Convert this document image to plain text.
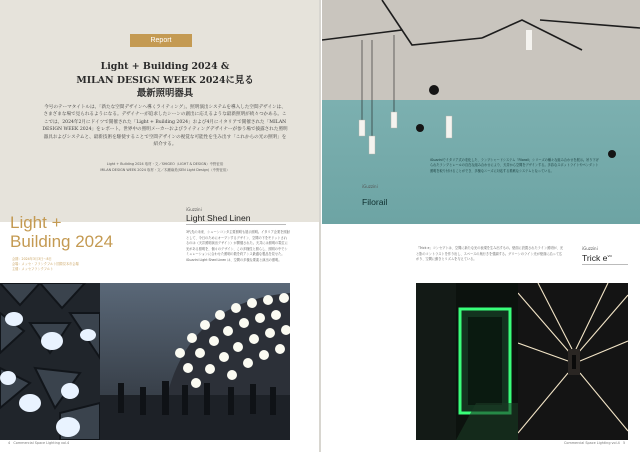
Report
Light + Building 2024 &
MILAN DESIGN WEEK 2024に見る
最新照明器具
今号のテーマタイトルは、「新たな空間デザインへ導くライティング」。照明演出システムを導入した空間デザインは、さまざまな場で見られるようになる。デザイナーが追求したシーンの創出に応えるような最新照明が続々つかある。ここでは、2024年2月にドイツで開催された「Light + Building 2024」および4月にイタリアで開催された「MILAN DESIGN WEEK 2024」をレポート。世界中の照明メーカーおよびライティングデザイナーが参う場で披露された照明器具およびシステムと、最新技術を駆使することで空間デザインの視覚な可能性を生み出す「これからの光の照明」を紹介する。
Light + Building 2024 取材・文／SHIGEO（LIGHT & DESIGN）中野征裕
MILAN DESIGN WEEK 2024 取材・文／木瀬麻美(SEN Light Design)（中野征裕）
Light +
Building 2024
会期：2024年3月3日〜8日
会場：メッセ・フランクフルト国際見本市会場
主催：メッセフランクフルト
iGuzzini
Light Shed Linen
3代先の未来、シューンコンタ主要照明も展示照明。イタリア企業を照射として、今日のためにオープンするデザイン、空間の下をモドットされるのは（天井照明演出デザイン）が開催された。天井には照明の電位に光がある照明を、個々のデザイン、この多様性と照らし、照明の中でシミュレーションに合わせた照明の数を約アンス最適な製品を見せた。iGuzzini Light Shed Linen は、空間の多様な要素と演出の照明。
4 Commercial Space Lighting vol.4
iGuzzini
Filorail
iGuzziniでイタリア式の変化した、ランプシャードシステム「Filorail」シリーズの種々な組み合わせを展示。吊り下げられたランプとレールの自在な組み合わせにより、天井から空間をデザインする。多彩なスポットライトやペンダント照明を取り付けることができ、多様なニーズに対応する柔軟なシステムとなっている。
「Trick e」コンセプトは、空間に新たな光の表現を生み出すもの。壁面に設置されたライン照明が、光と影のコントラストを作り出し、スペースの奥行きを強調する。グリーンのライン光が壁面に沿って広がり、空間に動きとリズムを与えている。
iGuzzini
Trick $e^{vo}$
Commercial Space Lighting vol.4 5
